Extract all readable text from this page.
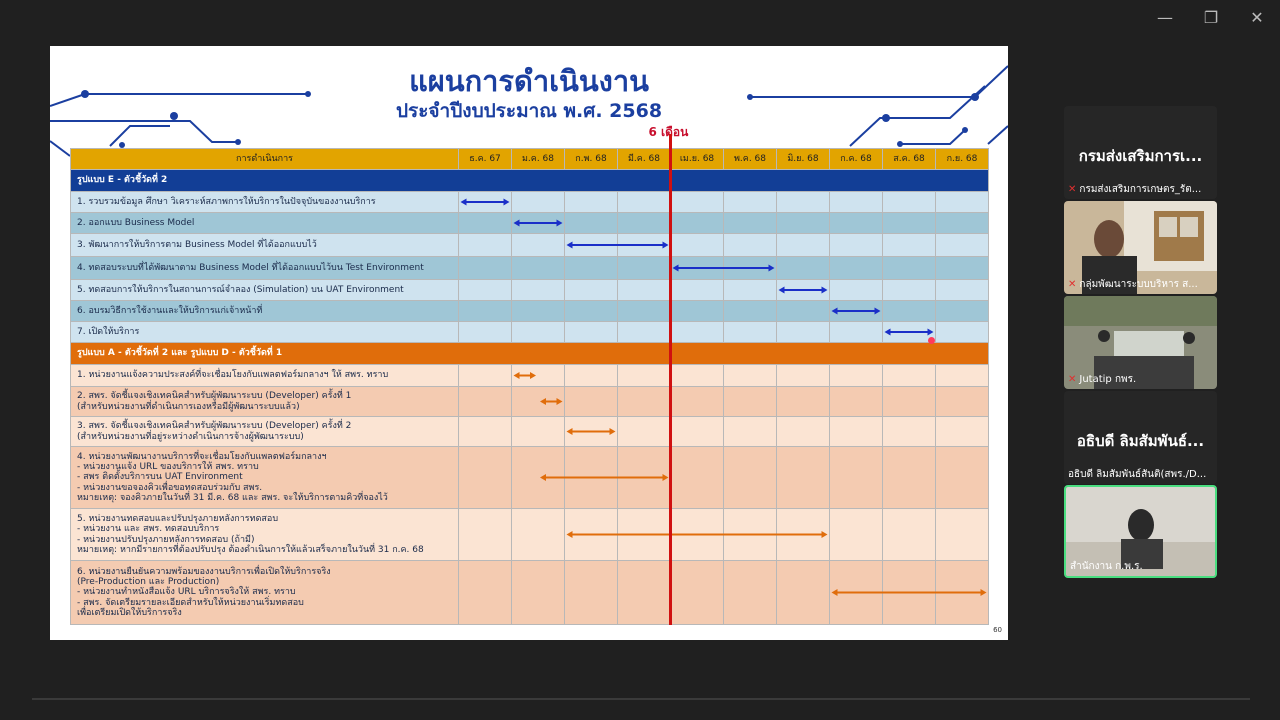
—	❐	✕
แผนการดำเนินงาน
ประจำปีงบประมาณ พ.ศ. 2568
6 เดือน
การดำเนินการ	ธ.ค. 67	ม.ค. 68	ก.พ. 68	มี.ค. 68	เม.ย. 68	พ.ค. 68	มิ.ย. 68	ก.ค. 68	ส.ค. 68	ก.ย. 68
รูปแบบ E - ตัวชี้วัดที่ 2										
1. รวบรวมข้อมูล ศึกษา วิเคราะห์สภาพการให้บริการในปัจจุบันของงานบริการ										
2. ออกแบบ Business Model										
3. พัฒนาการให้บริการตาม Business Model ที่ได้ออกแบบไว้										
4. ทดสอบระบบที่ได้พัฒนาตาม Business Model ที่ได้ออกแบบไว้บน Test Environment										
5. ทดสอบการให้บริการในสถานการณ์จำลอง (Simulation) บน UAT Environment										
6. อบรมวิธีการใช้งานและให้บริการแก่เจ้าหน้าที่										
7. เปิดให้บริการ										
รูปแบบ A - ตัวชี้วัดที่ 2 และ รูปแบบ D - ตัวชี้วัดที่ 1										
1. หน่วยงานแจ้งความประสงค์ที่จะเชื่อมโยงกับแพลตฟอร์มกลางฯ ให้ สพร. ทราบ										
2. สพร. จัดชี้แจงเชิงเทคนิคสำหรับผู้พัฒนาระบบ (Developer) ครั้งที่ 1
(สำหรับหน่วยงานที่ดำเนินการเองหรือมีผู้พัฒนาระบบแล้ว)										
3. สพร. จัดชี้แจงเชิงเทคนิคสำหรับผู้พัฒนาระบบ (Developer) ครั้งที่ 2
(สำหรับหน่วยงานที่อยู่ระหว่างดำเนินการจ้างผู้พัฒนาระบบ)										
4. หน่วยงานพัฒนางานบริการที่จะเชื่อมโยงกับแพลตฟอร์มกลางฯ
- หน่วยงานแจ้ง URL ของบริการให้ สพร. ทราบ
- สพร ติดตั้งบริการบน UAT Environment
- หน่วยงานขอจองคิวเพื่อขอทดสอบร่วมกับ สพร.
หมายเหตุ: จองคิวภายในวันที่ 31 มี.ค. 68 และ สพร. จะให้บริการตามคิวที่จองไว้										
5. หน่วยงานทดสอบและปรับปรุงภายหลังการทดสอบ
- หน่วยงาน และ สพร. ทดสอบบริการ
- หน่วยงานปรับปรุงภายหลังการทดสอบ (ถ้ามี)
หมายเหตุ: หากมีรายการที่ต้องปรับปรุง ต้องดำเนินการให้แล้วเสร็จภายในวันที่ 31 ก.ค. 68										
6. หน่วยงานยืนยันความพร้อมของงานบริการเพื่อเปิดให้บริการจริง
(Pre-Production และ Production)
- หน่วยงานทำหนังสือแจ้ง URL บริการจริงให้ สพร. ทราบ
- สพร. จัดเตรียมรายละเอียดสำหรับให้หน่วยงานเริ่มทดสอบ
เพื่อเตรียมเปิดให้บริการจริง										
60
กรมส่งเสริมการเ...
✕ กรมส่งเสริมการเกษตร_รัต...
✕ กลุ่มพัฒนาระบบบริหาร ส...
✕ Jutatip กพร.
อธิบดี ลิมสัมพันธ์...
อธิบดี ลิมสัมพันธ์สันติ(สพร./D...
สำนักงาน ก.พ.ร.
